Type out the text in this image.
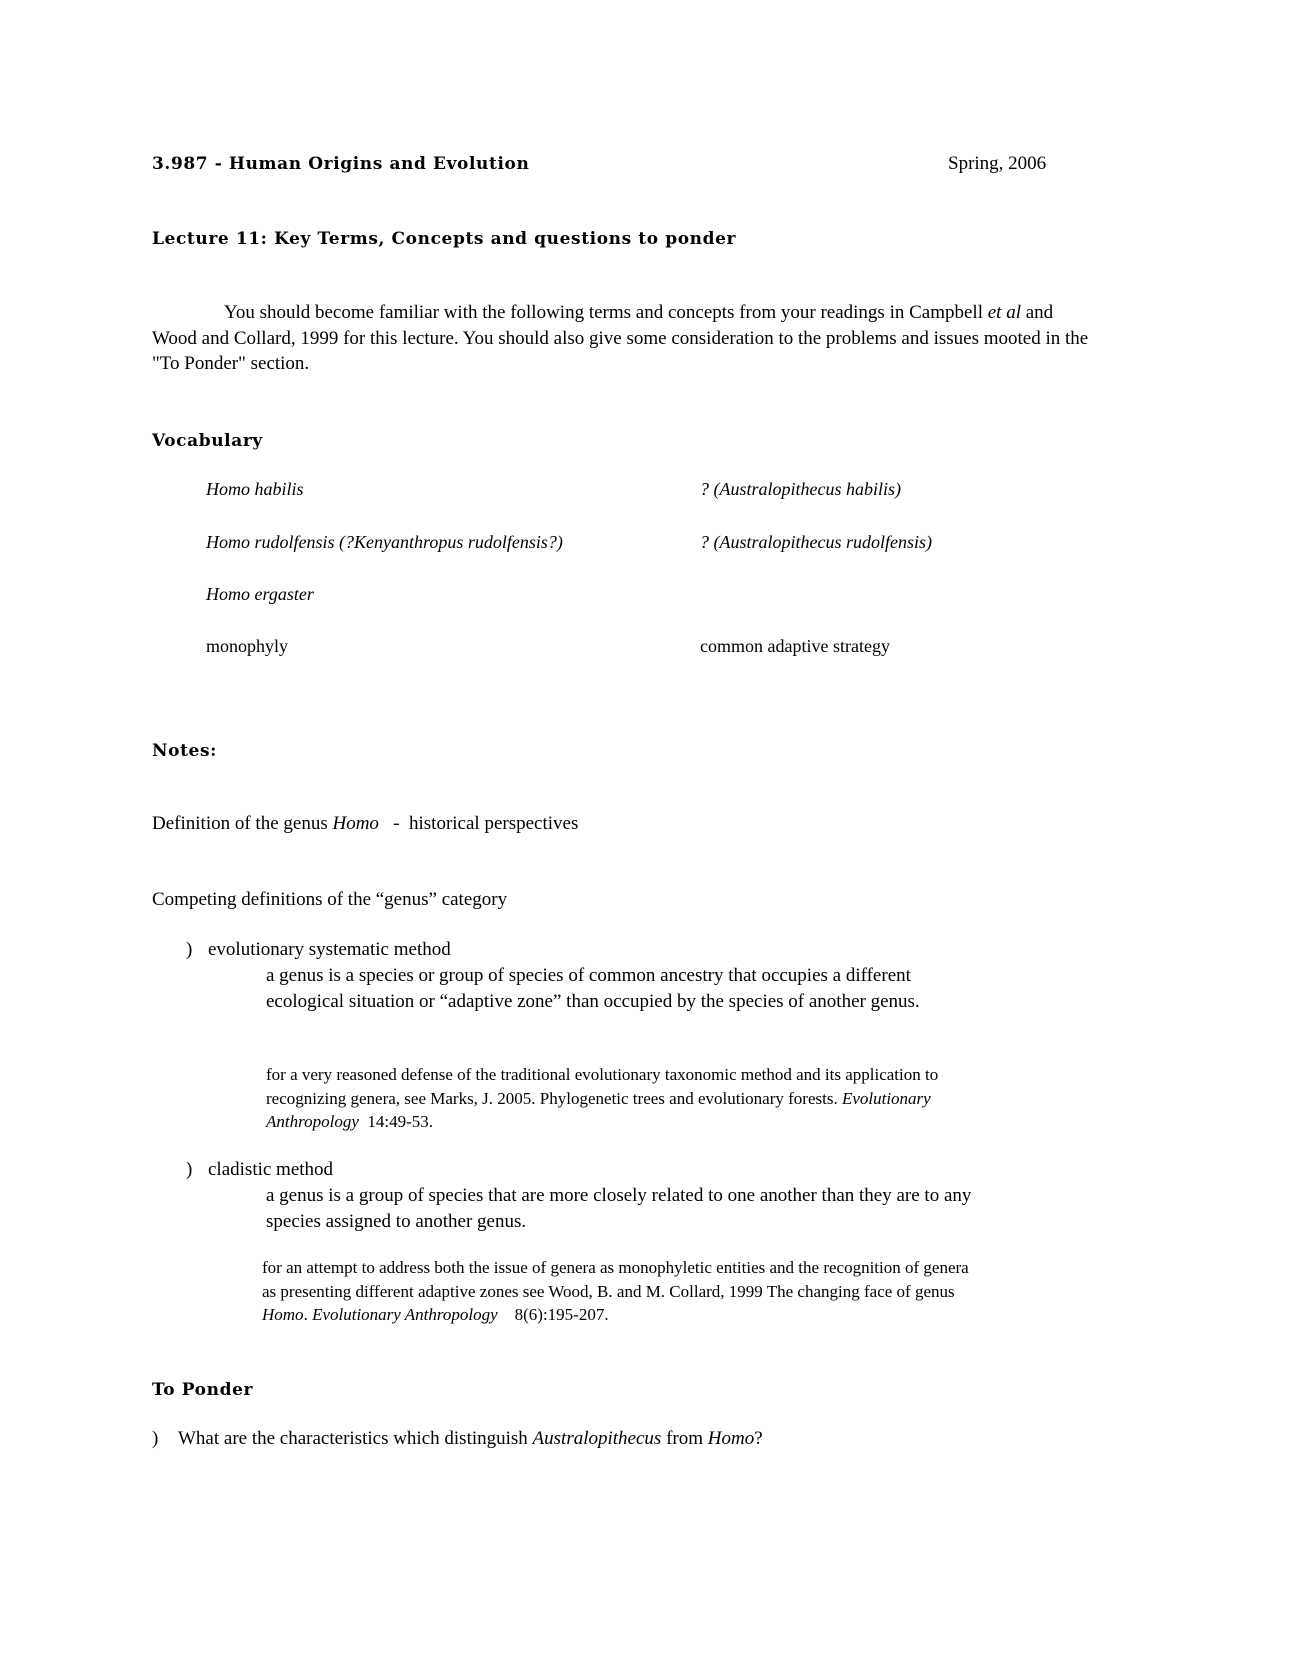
3.987 - Human Origins and Evolution	Spring, 2006
Lecture 11: Key Terms, Concepts and questions to ponder
You should become familiar with the following terms and concepts from your readings in Campbell et al and Wood and Collard, 1999 for this lecture. You should also give some consideration to the problems and issues mooted in the "To Ponder" section.
Vocabulary
Homo habilis	? (Australopithecus habilis)
Homo rudolfensis (?Kenyanthropus rudolfensis?)	? (Australopithecus rudolfensis)
Homo ergaster
monophyly	common adaptive strategy
Notes:
Definition of the genus Homo   -  historical perspectives
Competing definitions of the “genus” category
) evolutionary systematic method
a genus is a species or group of species of common ancestry that occupies a different ecological situation or “adaptive zone” than occupied by the species of another genus.
for a very reasoned defense of the traditional evolutionary taxonomic method and its application to recognizing genera, see Marks, J. 2005. Phylogenetic trees and evolutionary forests. Evolutionary Anthropology  14:49-53.
) cladistic method
a genus is a group of species that are more closely related to one another than they are to any species assigned to another genus.
for an attempt to address both the issue of genera as monophyletic entities and the recognition of genera as presenting different adaptive zones see Wood, B. and M. Collard, 1999 The changing face of genus Homo. Evolutionary Anthropology    8(6):195-207.
To Ponder
) What are the characteristics which distinguish Australopithecus from Homo?
